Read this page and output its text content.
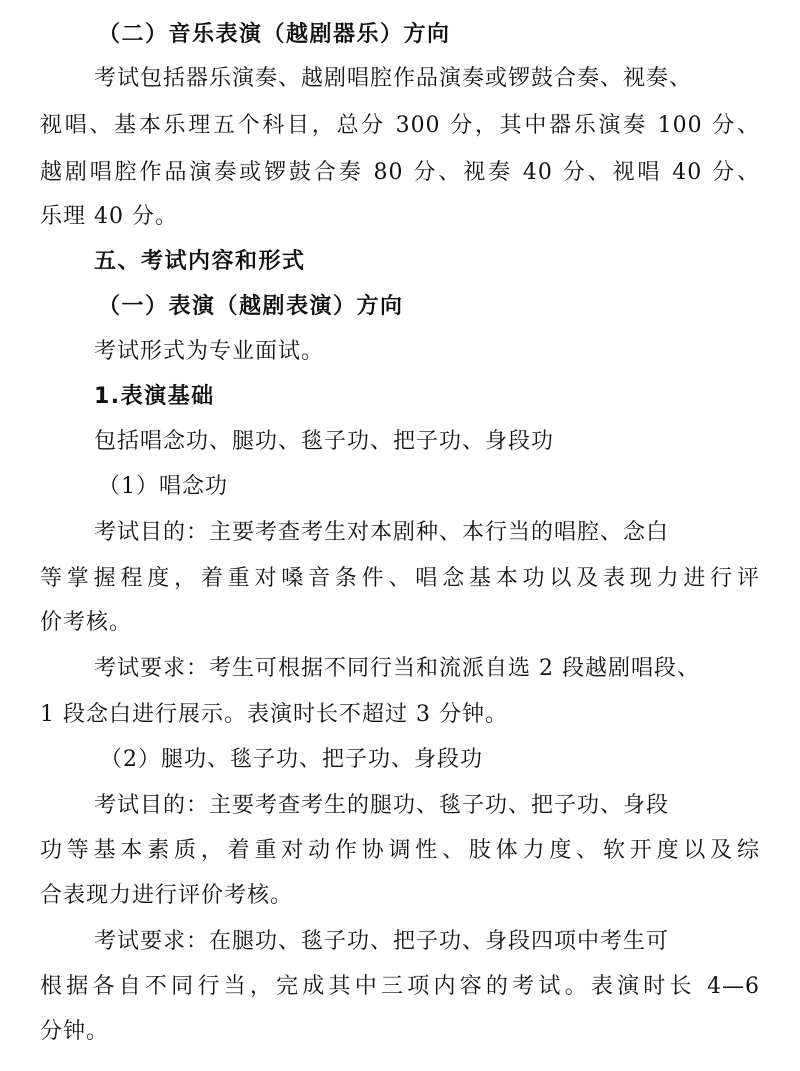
（二）音乐表演（越剧器乐）方向
考试包括器乐演奏、越剧唱腔作品演奏或锣鼓合奏、视奏、
视唱、基本乐理五个科目，总分 300 分，其中器乐演奏 100 分、
越剧唱腔作品演奏或锣鼓合奏 80 分、视奏 40 分、视唱 40 分、
乐理 40 分。
五、考试内容和形式
（一）表演（越剧表演）方向
考试形式为专业面试。
1.表演基础
包括唱念功、腿功、毯子功、把子功、身段功
（1）唱念功
考试目的：主要考查考生对本剧种、本行当的唱腔、念白
等掌握程度，着重对嗓音条件、唱念基本功以及表现力进行评
价考核。
考试要求：考生可根据不同行当和流派自选 2 段越剧唱段、
1 段念白进行展示。表演时长不超过 3 分钟。
（2）腿功、毯子功、把子功、身段功
考试目的：主要考查考生的腿功、毯子功、把子功、身段
功等基本素质，着重对动作协调性、肢体力度、软开度以及综
合表现力进行评价考核。
考试要求：在腿功、毯子功、把子功、身段四项中考生可
根据各自不同行当，完成其中三项内容的考试。表演时长 4—6
分钟。
